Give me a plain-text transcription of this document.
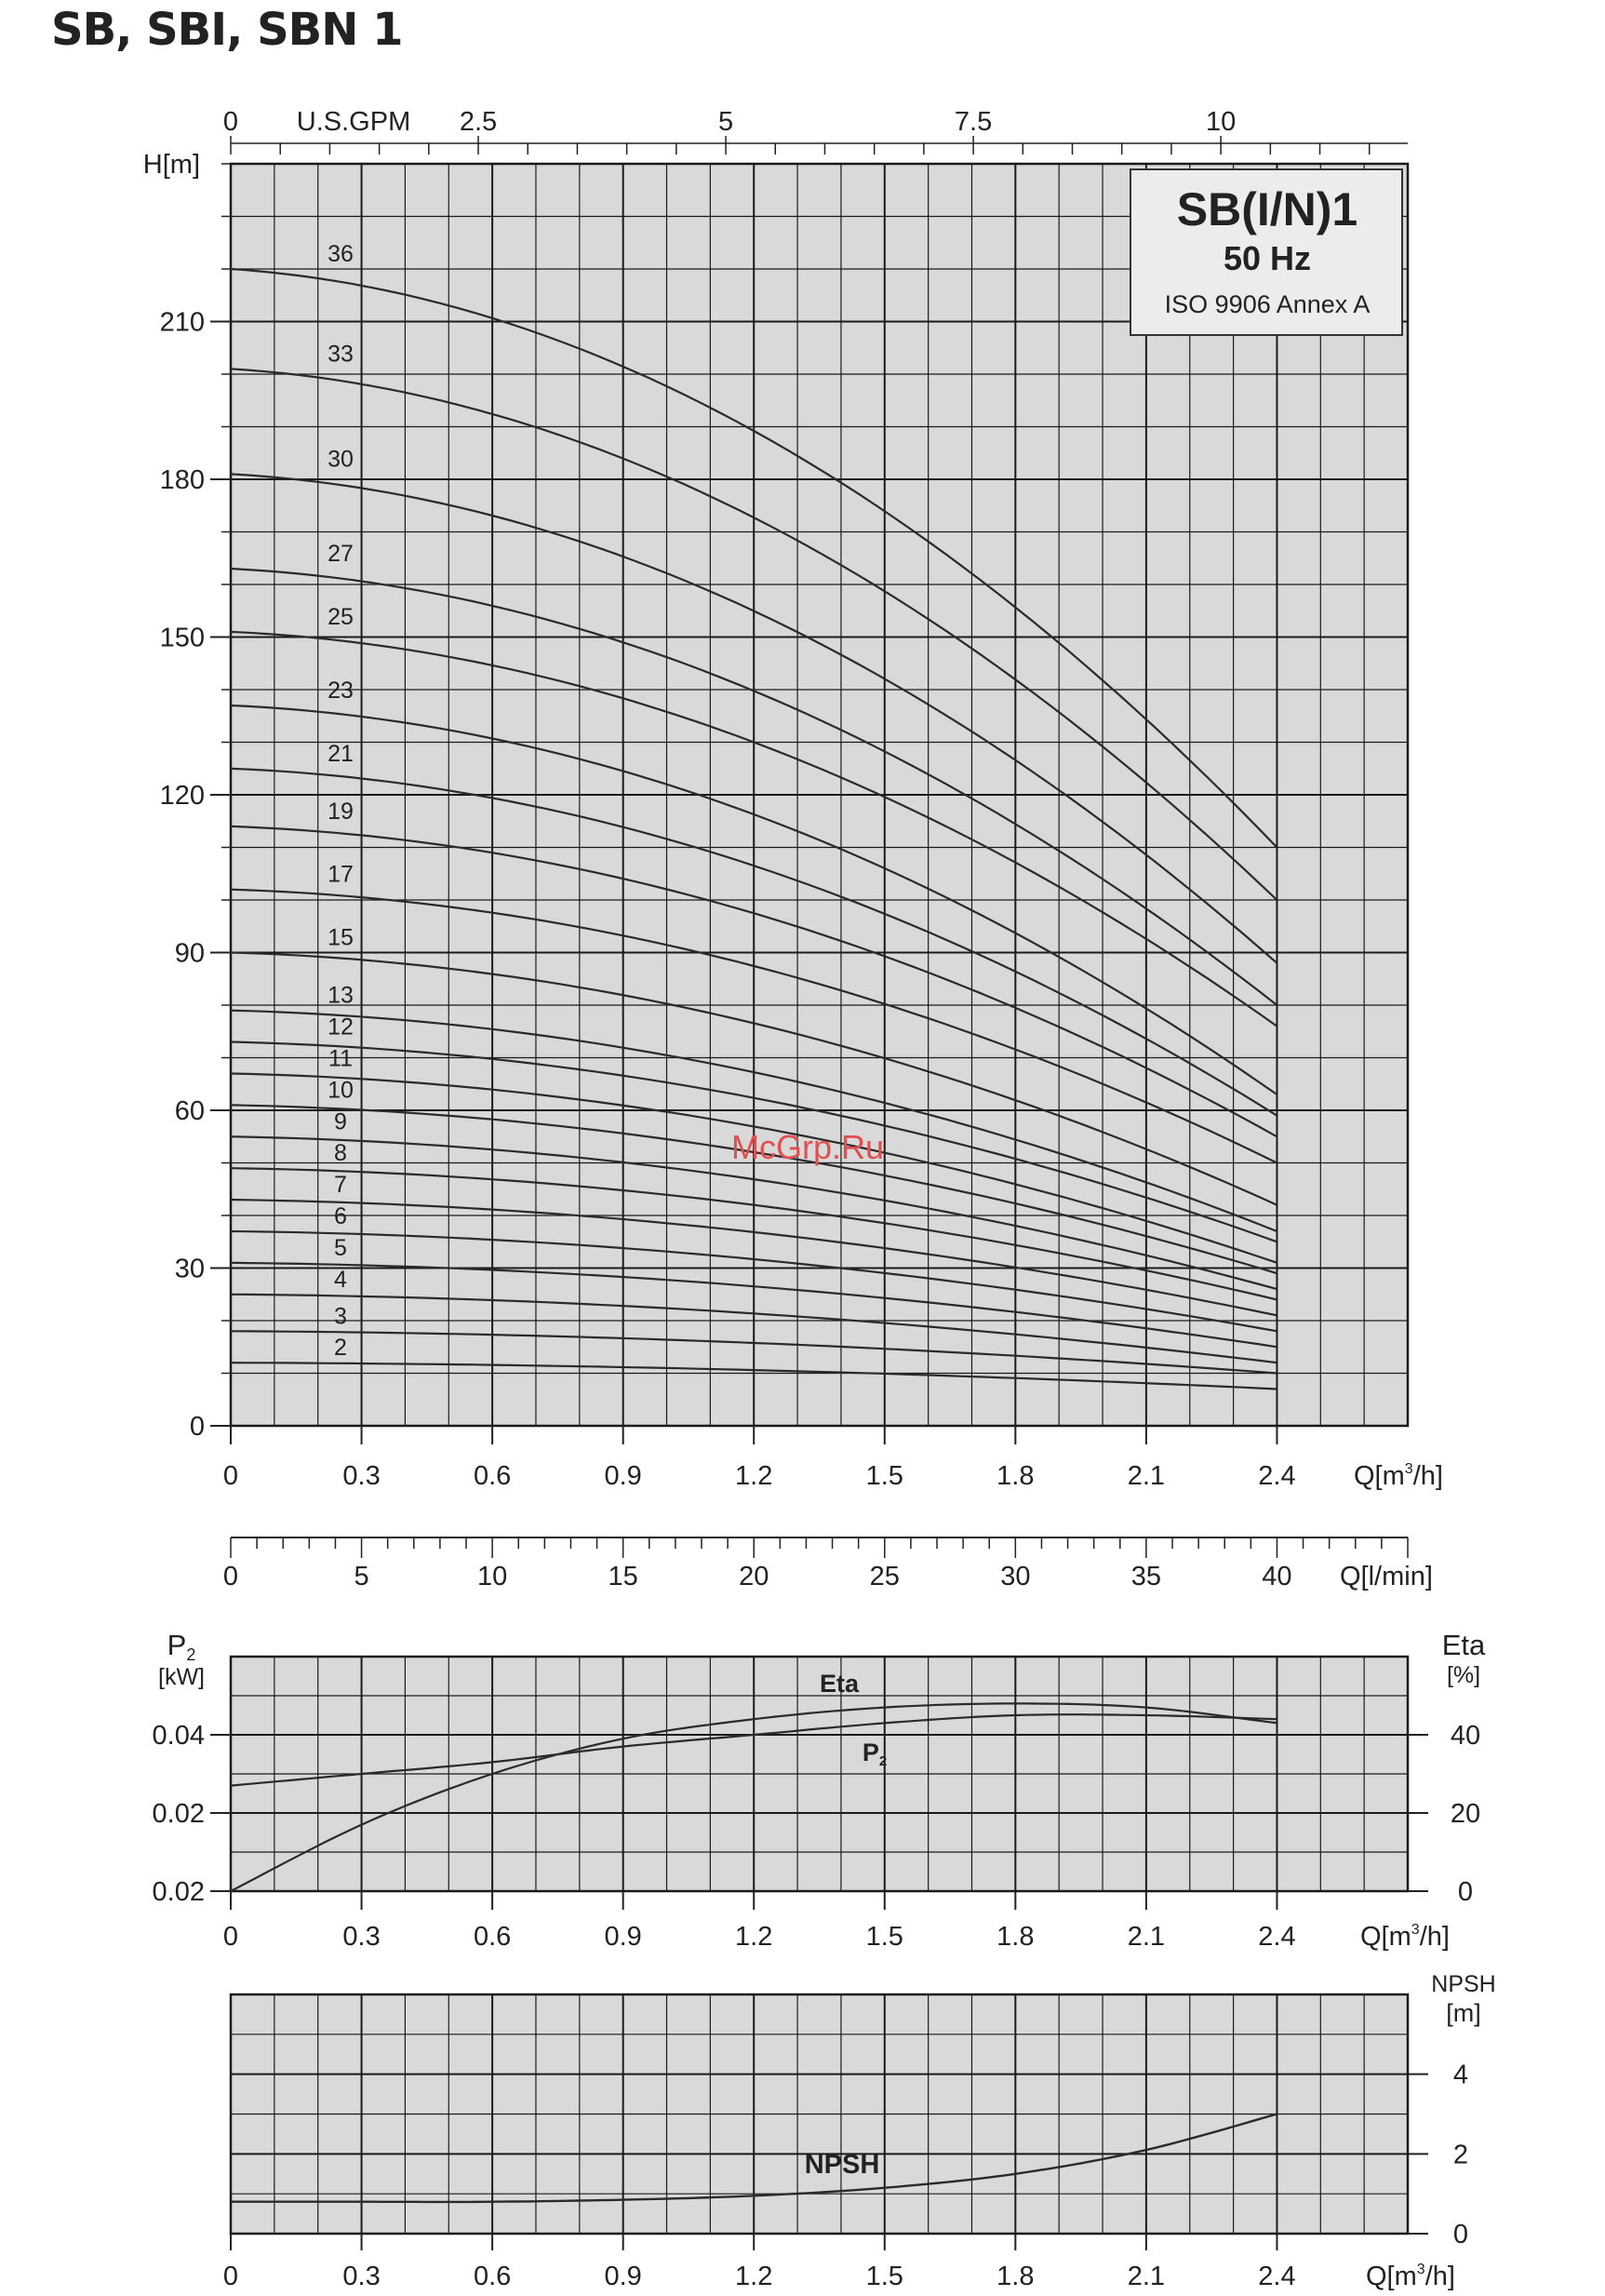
SB, SBI, SBN 1
0
30
60
90
120
150
180
210
H[m]
0	2.5	5	7.5	10
U.S.GPM
0	0.3	0.6	0.9	1.2	1.5	1.8	2.1	2.4 $Q[m^3/h]$
0	5	10	15	20	25	30	35	40 Q[l/min]
SB(I/N)1
50 Hz
ISO 9906 Annex A
36
33
30
27
25
23
21
19
17
15
13
12
11
10
9
8
7
6
5
4
3
2
McGrp.Ru
0.02
0.02
0.04
0
20
40
P2
[kW]
Eta
[%]
0	0.3	0.6	0.9	1.2	1.5	1.8	2.1	2.4 $Q[m^3/h]$
Eta
P2
0
2
4
NPSH
[m]
0	0.3	0.6	0.9	1.2	1.5	1.8	2.1	2.4	$Q[m^3/h]$
NPSH
